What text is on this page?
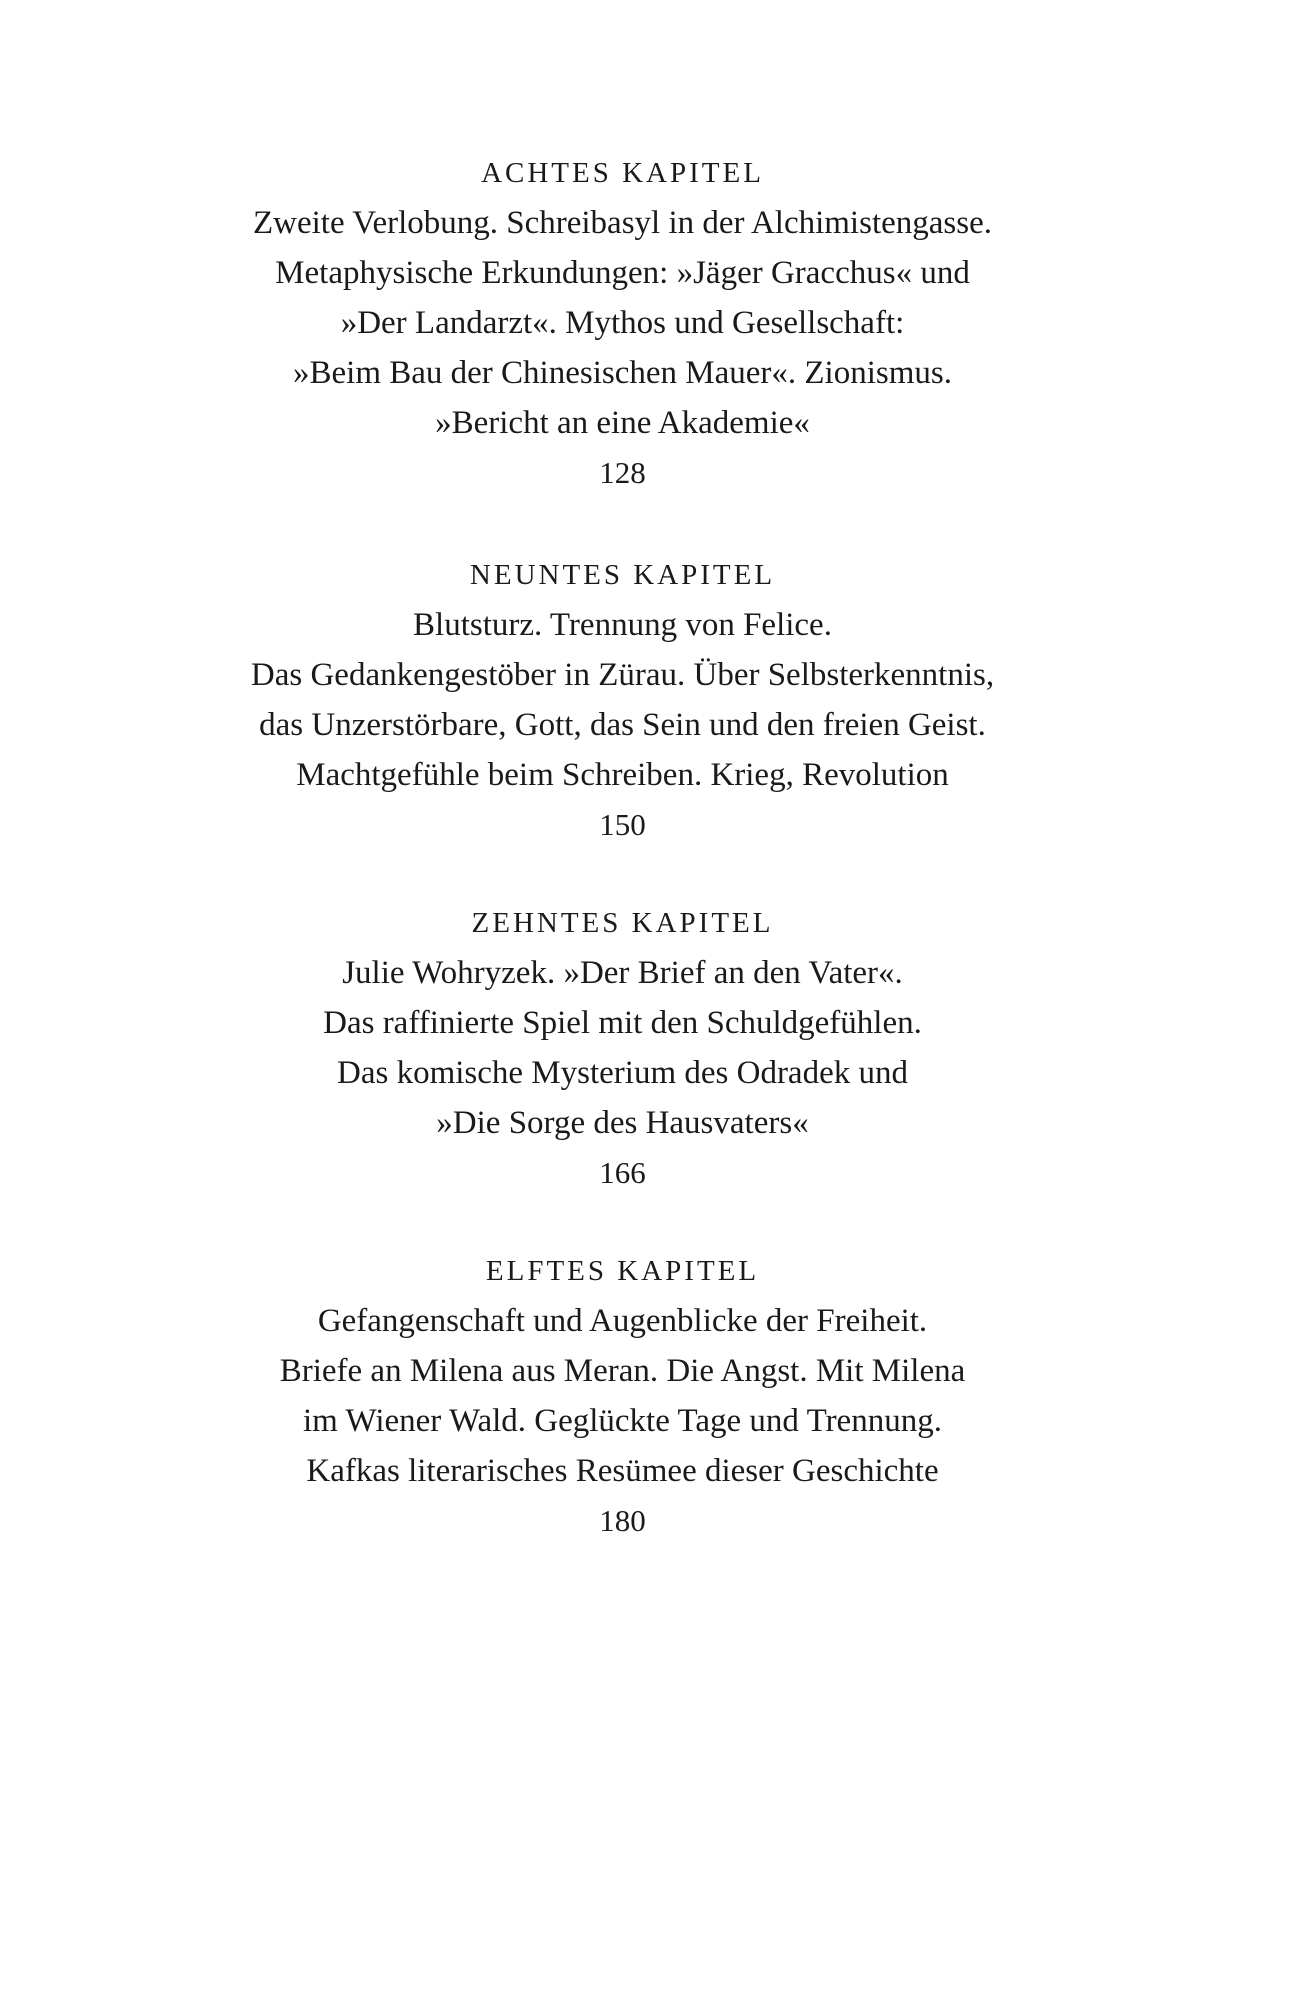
ACHTES KAPITEL
Zweite Verlobung. Schreibasyl in der Alchimistengasse.
Metaphysische Erkundungen: »Jäger Gracchus« und
»Der Landarzt«. Mythos und Gesellschaft:
»Beim Bau der Chinesischen Mauer«. Zionismus.
»Bericht an eine Akademie«
128
NEUNTES KAPITEL
Blutsturz. Trennung von Felice.
Das Gedankengestöber in Zürau. Über Selbsterkenntnis,
das Unzerstörbare, Gott, das Sein und den freien Geist.
Machtgefühle beim Schreiben. Krieg, Revolution
150
ZEHNTES KAPITEL
Julie Wohryzek. »Der Brief an den Vater«.
Das raffinierte Spiel mit den Schuldgefühlen.
Das komische Mysterium des Odradek und
»Die Sorge des Hausvaters«
166
ELFTES KAPITEL
Gefangenschaft und Augenblicke der Freiheit.
Briefe an Milena aus Meran. Die Angst. Mit Milena
im Wiener Wald. Geglückte Tage und Trennung.
Kafkas literarisches Resümee dieser Geschichte
180
